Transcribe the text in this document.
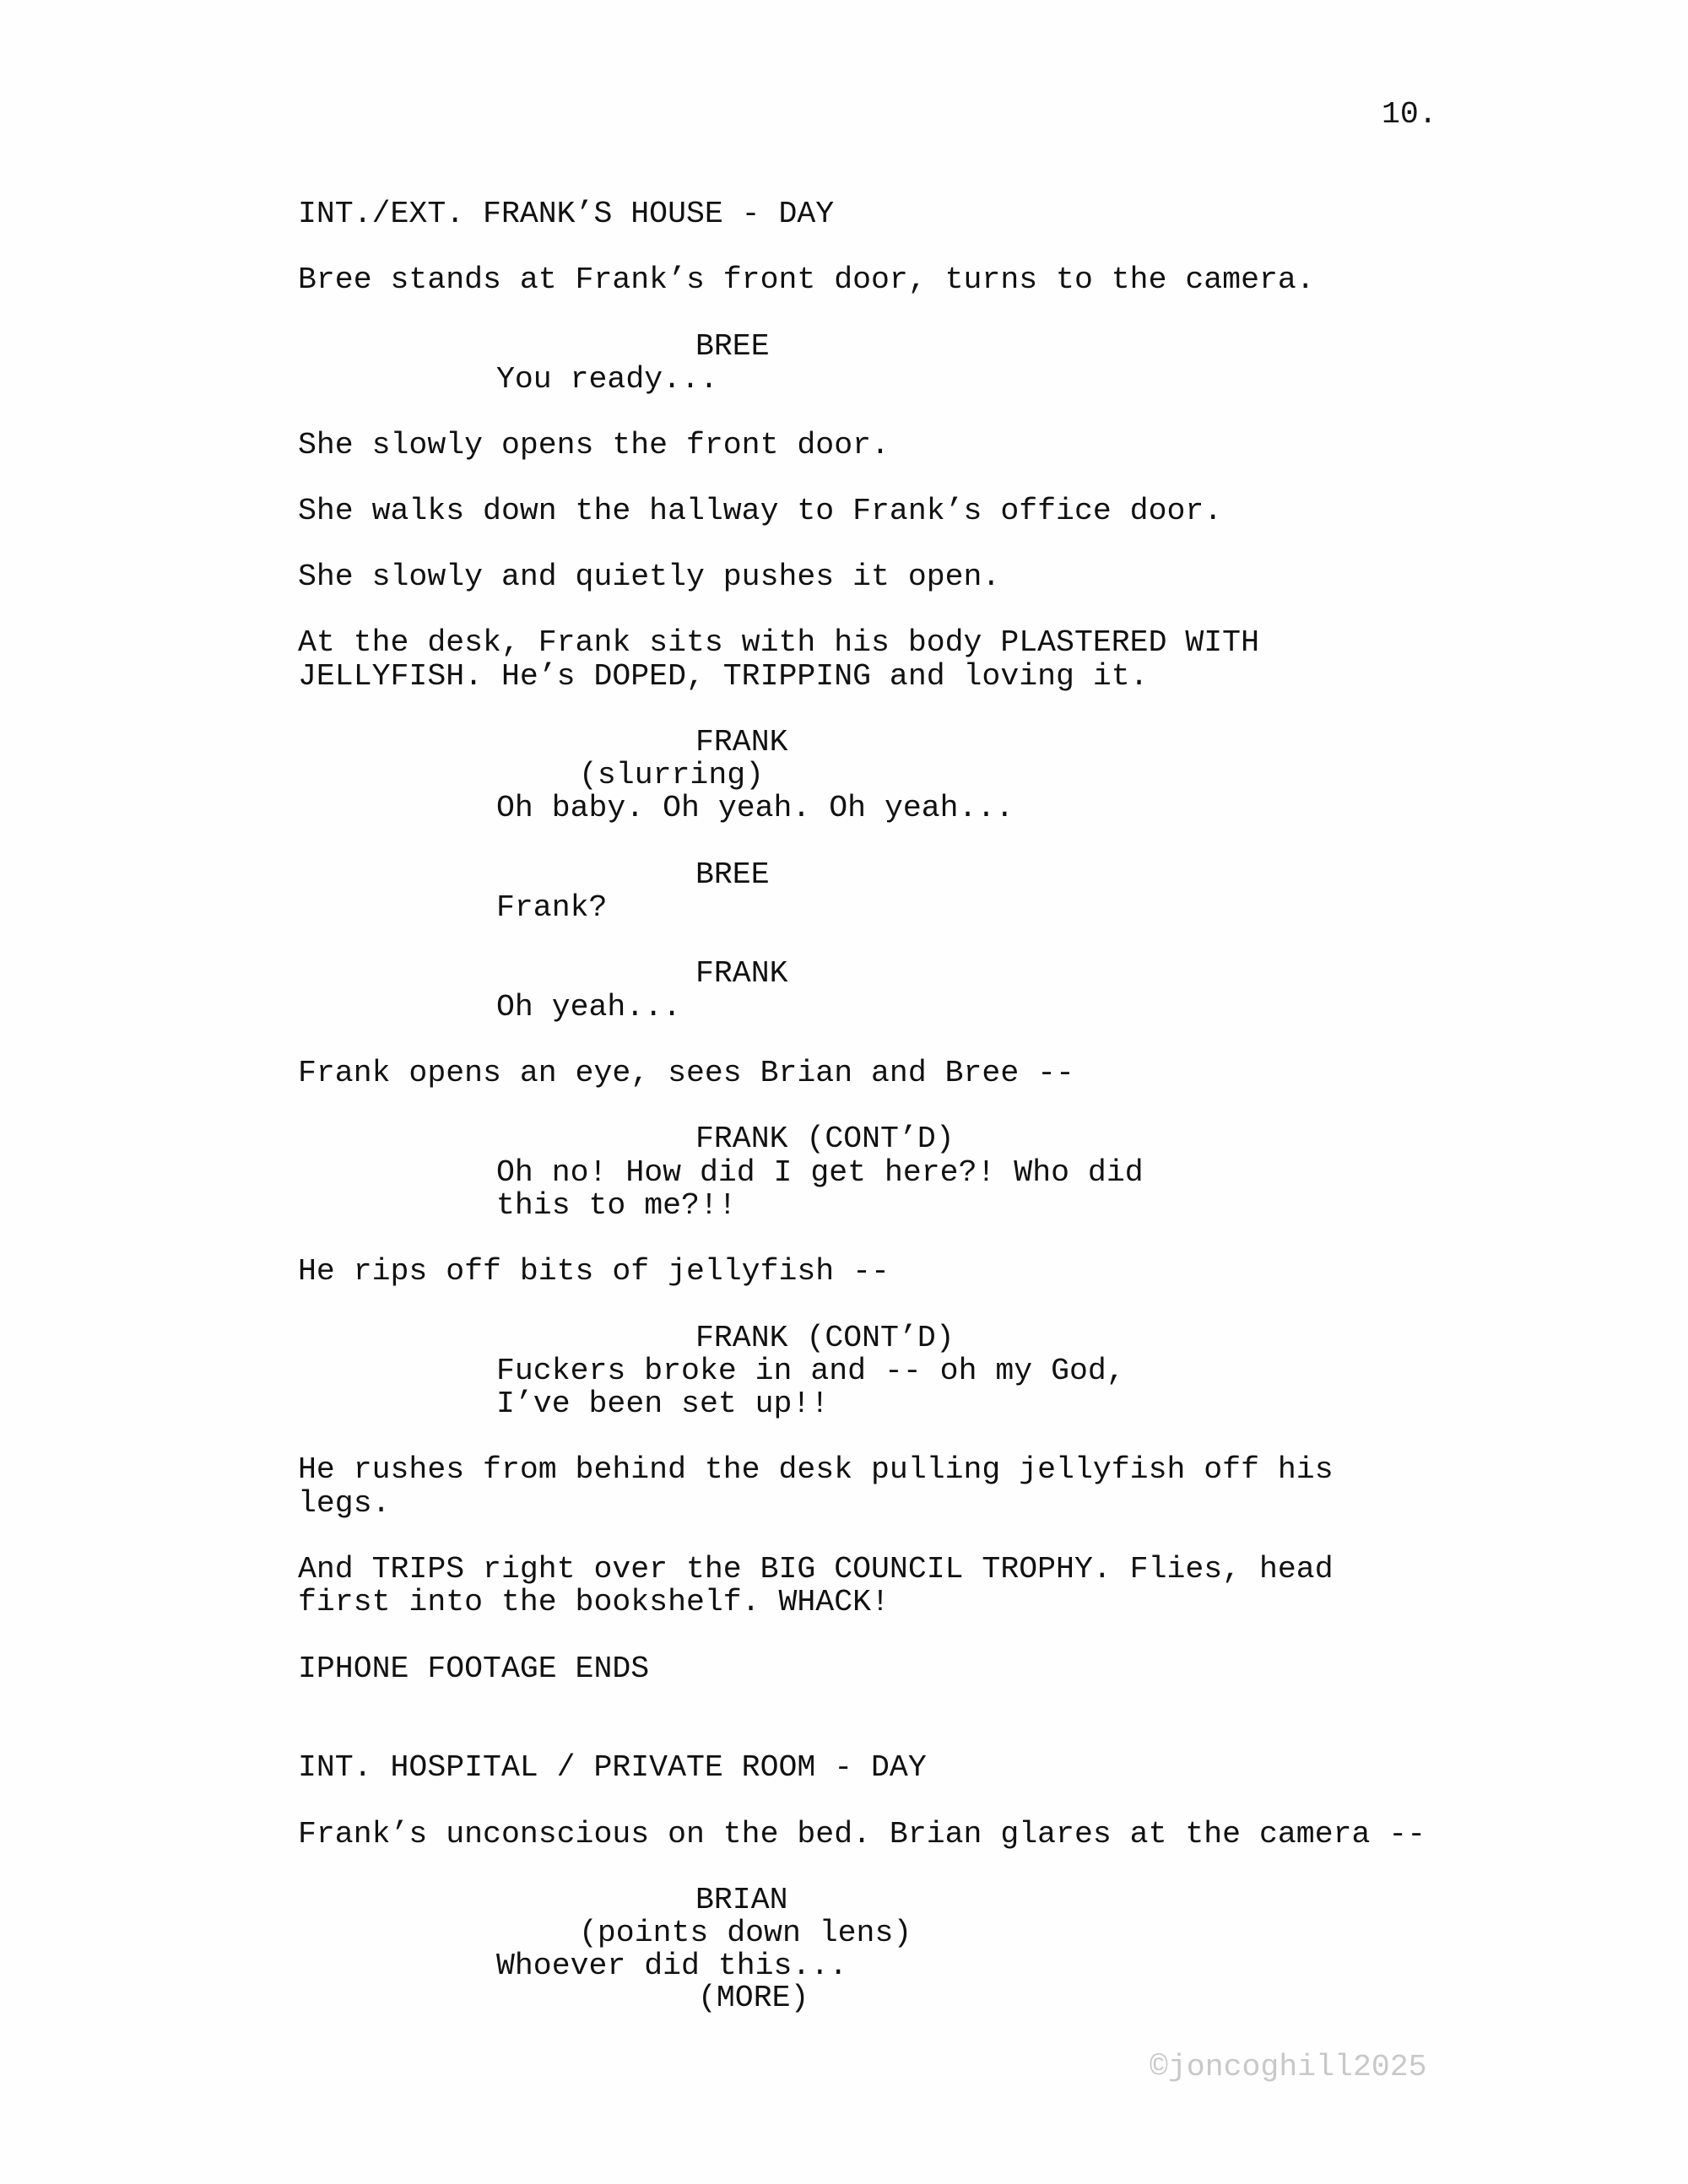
10.
INT./EXT. FRANK’S HOUSE - DAY
Bree stands at Frank’s front door, turns to the camera.
BREE
You ready...
She slowly opens the front door.
She walks down the hallway to Frank’s office door.
She slowly and quietly pushes it open.
At the desk, Frank sits with his body PLASTERED WITH
JELLYFISH. He’s DOPED, TRIPPING and loving it.
FRANK
(slurring)
Oh baby. Oh yeah. Oh yeah...
BREE
Frank?
FRANK
Oh yeah...
Frank opens an eye, sees Brian and Bree --
FRANK (CONT’D)
Oh no! How did I get here?! Who did
this to me?!!
He rips off bits of jellyfish --
FRANK (CONT’D)
Fuckers broke in and -- oh my God,
I’ve been set up!!
He rushes from behind the desk pulling jellyfish off his
legs.
And TRIPS right over the BIG COUNCIL TROPHY. Flies, head
first into the bookshelf. WHACK!
IPHONE FOOTAGE ENDS
INT. HOSPITAL / PRIVATE ROOM - DAY
Frank’s unconscious on the bed. Brian glares at the camera --
BRIAN
(points down lens)
Whoever did this...
(MORE)
©joncoghill2025
